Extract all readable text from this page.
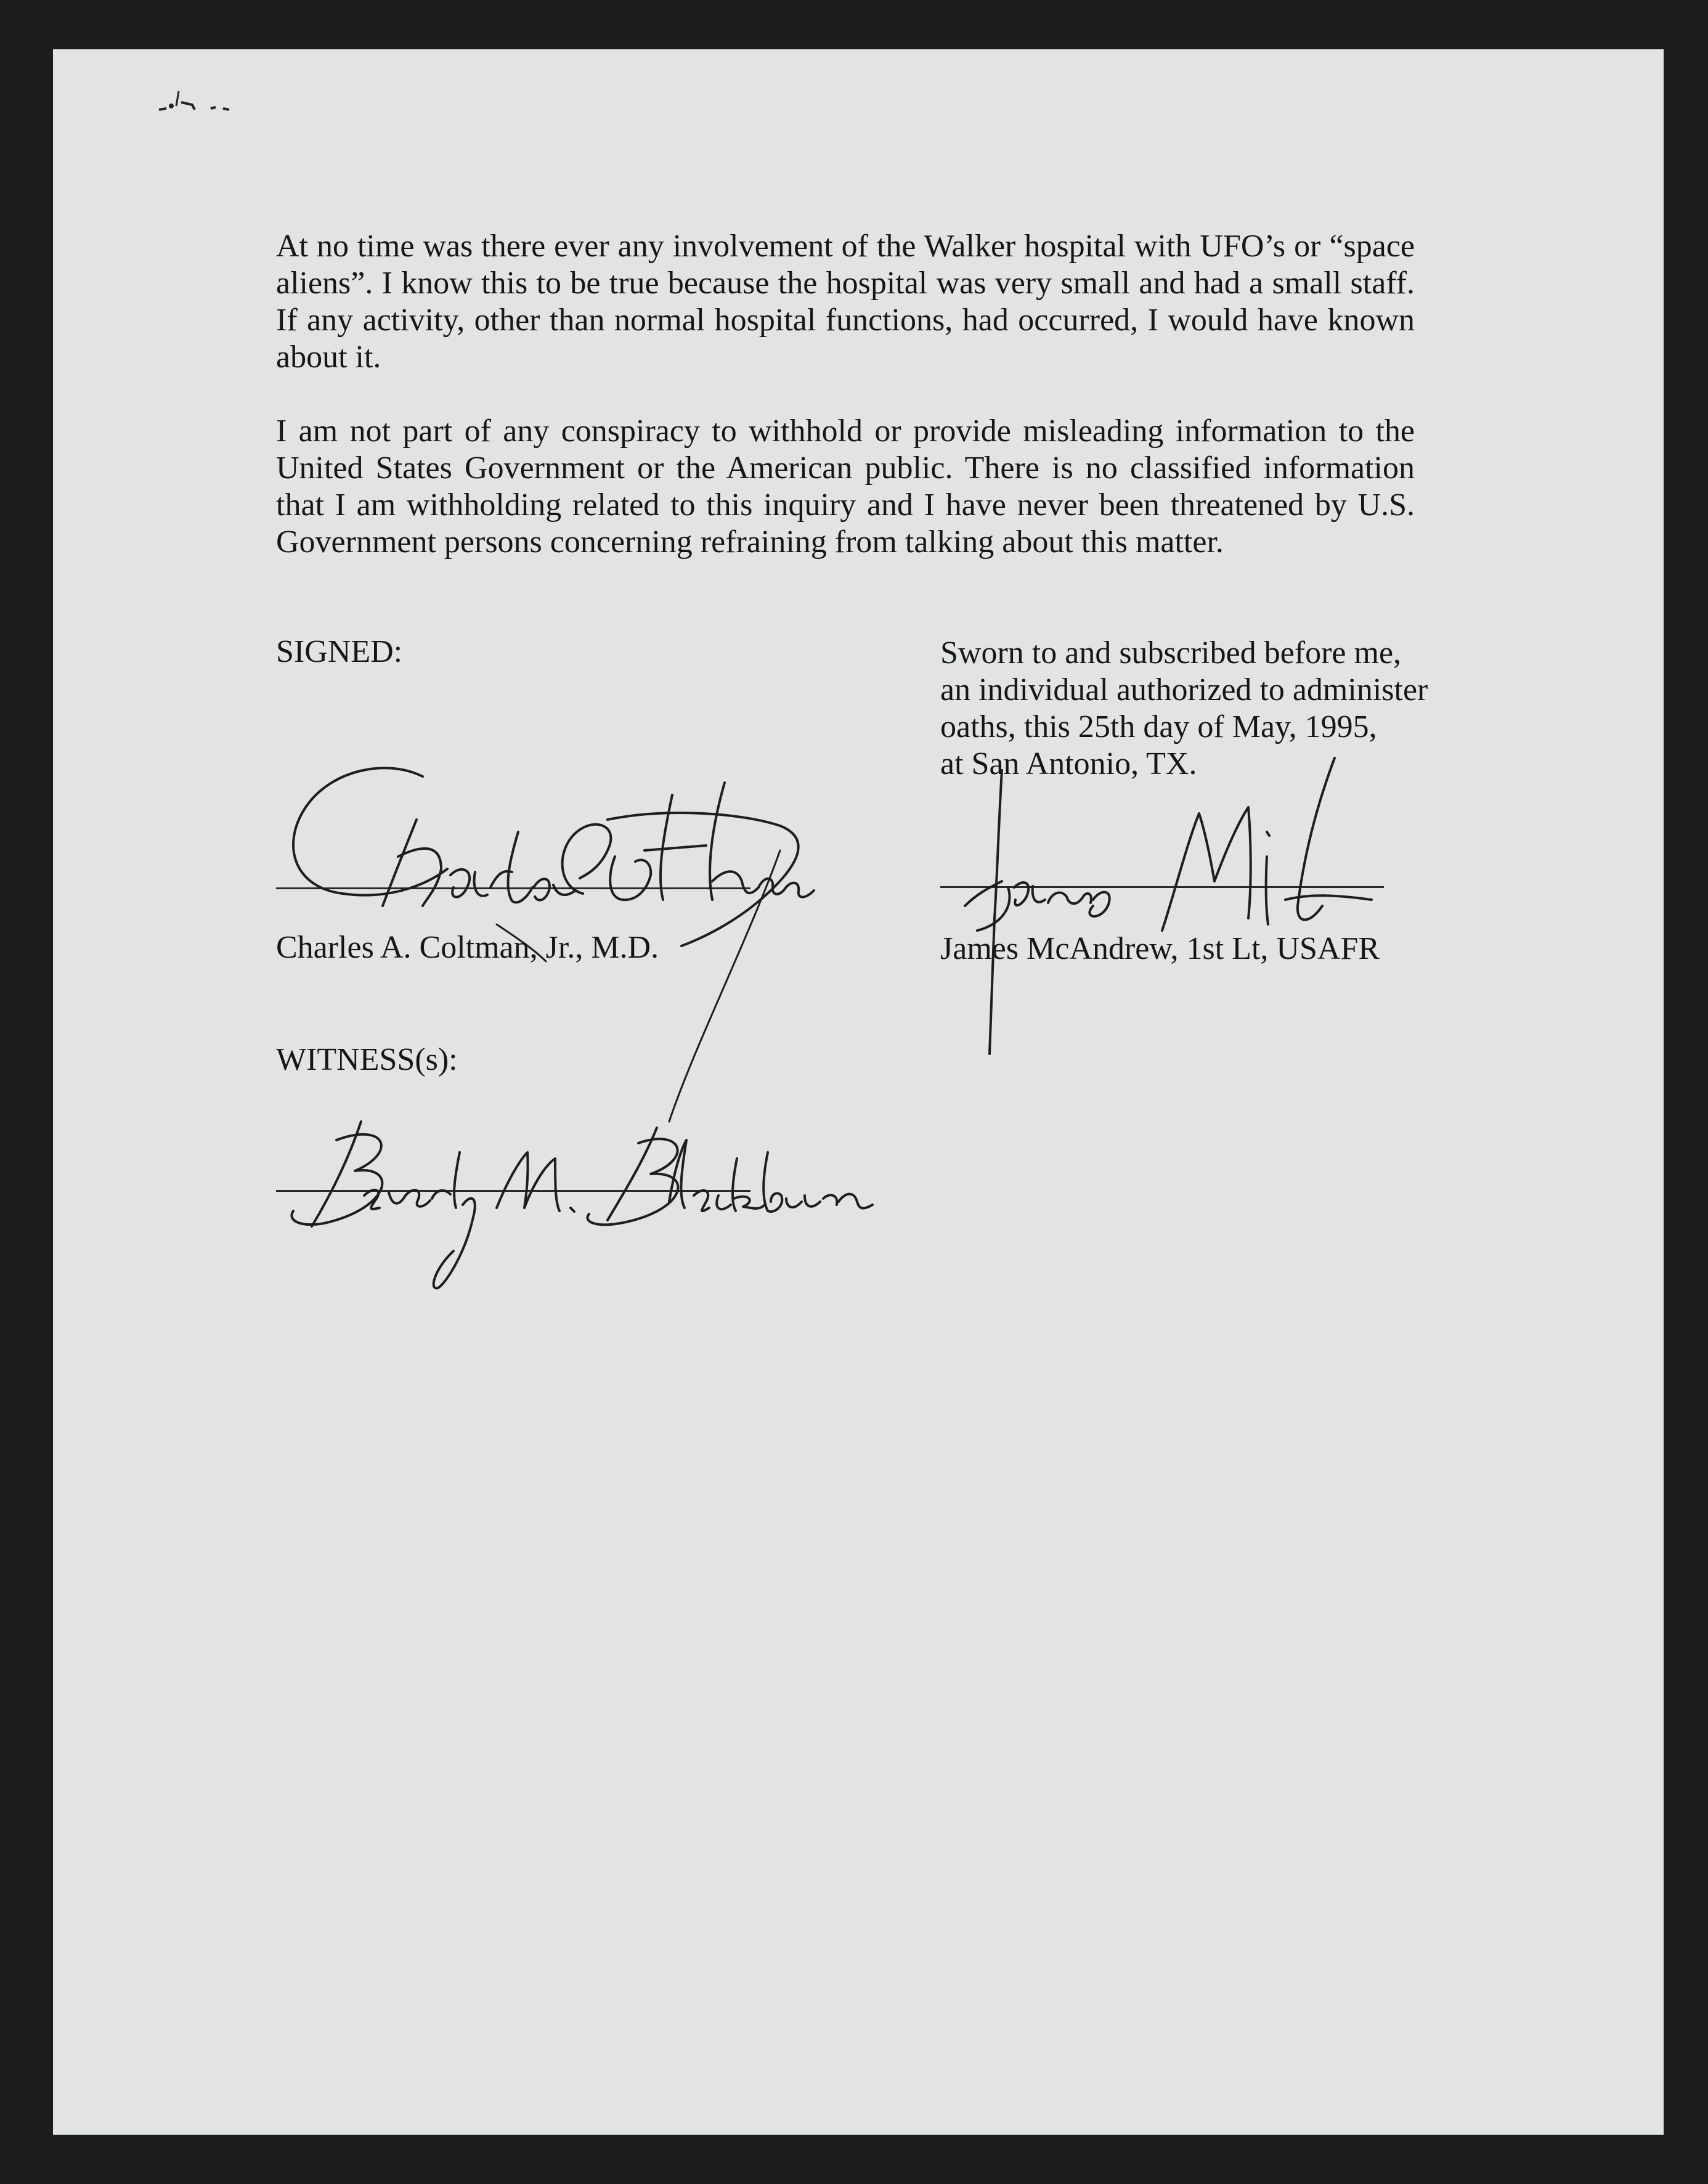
At no time was there ever any involvement of the Walker hospital with UFO’s or “space aliens”. I know this to be true because the hospital was very small and had a small staff. If any activity, other than normal hospital functions, had occurred, I would have known about it.

I am not part of any conspiracy to withhold or provide misleading information to the United States Government or the American public. There is no classified information that I am withholding related to this inquiry and I have never been threatened by U.S. Government persons concerning refraining from talking about this matter.

SIGNED:	Sworn to and subscribed before me,
an individual authorized to administer
oaths, this 25th day of May, 1995,
at San Antonio, TX.
Charles A. Coltman, Jr., M.D.	James McAndrew, 1st Lt, USAFR
WITNESS(s):
